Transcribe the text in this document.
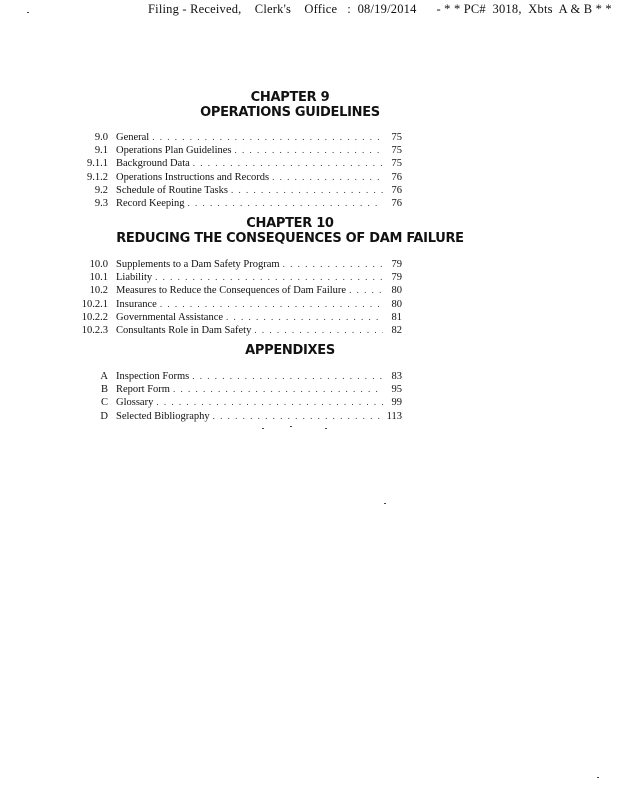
Filing - Received,    Clerk's    Office   :  08/19/2014      - * * PC#  3018,  Xbts  A & B * *
CHAPTER 9
OPERATIONS GUIDELINES
9.0 General . . .	75
9.1 Operations Plan Guidelines . . .	75
9.1.1 Background Data . . .	75
9.1.2 Operations Instructions and Records . . .	76
9.2 Schedule of Routine Tasks . . .	76
9.3 Record Keeping . . .	76
CHAPTER 10
REDUCING THE CONSEQUENCES OF DAM FAILURE
10.0 Supplements to a Dam Safety Program . . .	79
10.1 Liability . . .	79
10.2 Measures to Reduce the Consequences of Dam Failure . . .	80
10.2.1 Insurance . . .	80
10.2.2 Governmental Assistance . . .	81
10.2.3 Consultants Role in Dam Safety . . .	82
APPENDIXES
A Inspection Forms . . .	83
B Report Form . . .	95
C Glossary . . .	99
D Selected Bibliography . . .	113
